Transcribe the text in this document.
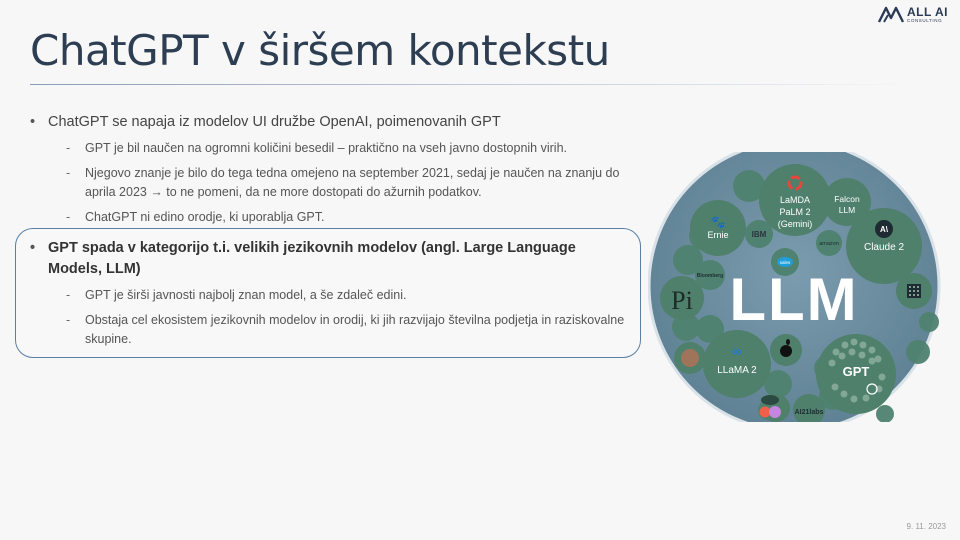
ALL AI
CONSULTING
ChatGPT v širšem kontekstu
• ChatGPT se napaja iz modelov UI družbe OpenAI, poimenovanih GPT
- GPT je bil naučen na ogromni količini besedil – praktično na vseh javno dostopnih virih.
- Njegovo znanje je bilo do tega tedna omejeno na september 2021, sedaj je naučen na znanju do aprila 2023 → to ne pomeni, da ne more dostopati do ažurnih podatkov.
- ChatGPT ni edino orodje, ki uporablja GPT.
• GPT spada v kategorijo t.i. velikih jezikovnih modelov (angl. Large Language Models, LLM)
- GPT je širši javnosti najbolj znan model, a še zdaleč edini.
- Obstaja cel ekosistem jezikovnih modelov in orodij, ki jih razvijajo številna podjetja in raziskovalne skupine.
🐾
Ernie	IBM
LaMDA
PaLM 2
(Gemini)
Falcon
LLM
A\
Claude 2
amazon
sales
Bloomberg
Pi LLM
∞
LLaMA 2	GPT
AI21labs
9. 11. 2023
